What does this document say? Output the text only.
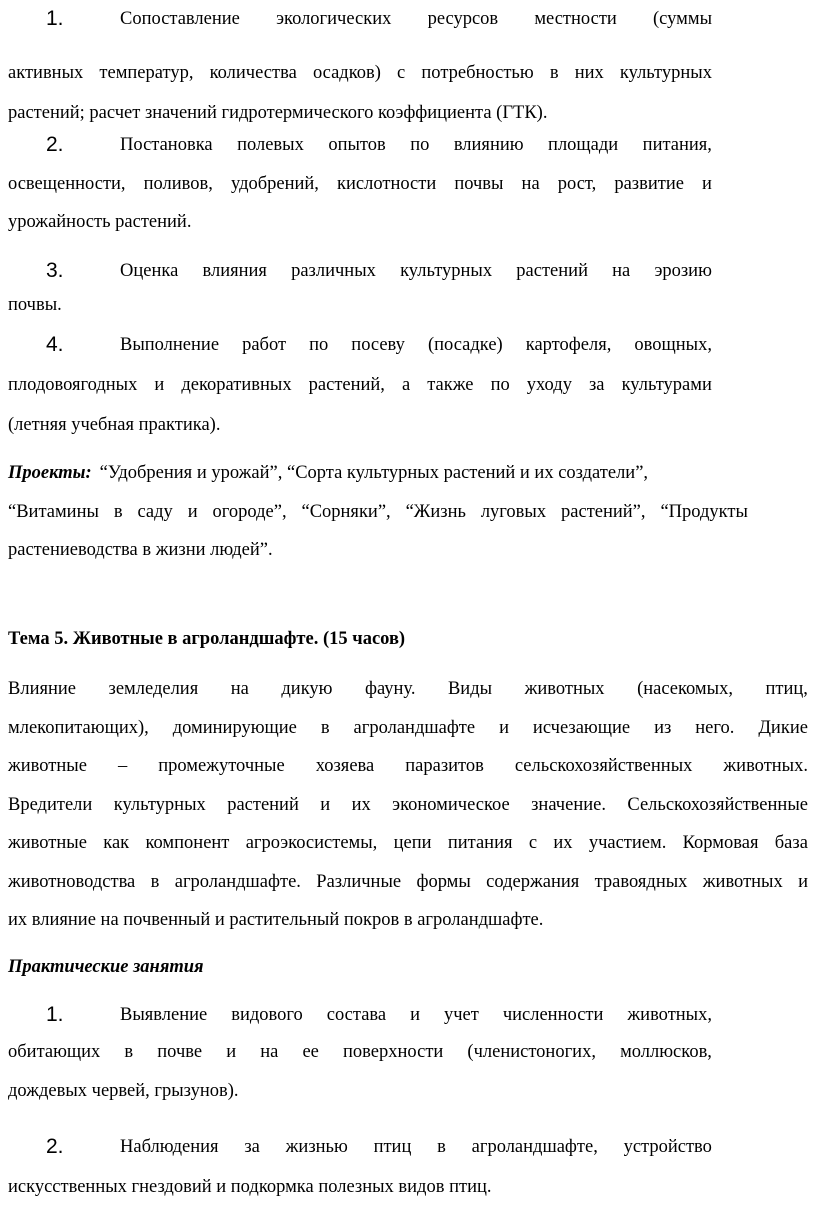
1.	Сопоставление экологических ресурсов местности (суммы
активных температур, количества осадков) с потребностью в них культурных
растений; расчет значений гидротермического коэффициента (ГТК).
2.	Постановка полевых опытов по влиянию площади питания,
освещенности, поливов, удобрений, кислотности почвы на рост, развитие и
урожайность растений.
3.	Оценка влияния различных культурных растений на эрозию
почвы.
4.	Выполнение работ по посеву (посадке) картофеля, овощных,
плодовоягодных и декоративных растений, а также по уходу за культурами
(летняя учебная практика).
Проекты: “Удобрения и урожай”, “Сорта культурных растений и их создатели”,
“Витамины в саду и огороде”, “Сорняки”, “Жизнь луговых растений”, “Продукты
растениеводства в жизни людей”.
Тема 5. Животные в агроландшафте. (15 часов)
Влияние земледелия на дикую фауну. Виды животных (насекомых, птиц,
млекопитающих), доминирующие в агроландшафте и исчезающие из него. Дикие
животные – промежуточные хозяева паразитов сельскохозяйственных животных.
Вредители культурных растений и их экономическое значение. Сельскохозяйственные
животные как компонент агроэкосистемы, цепи питания с их участием. Кормовая база
животноводства в агроландшафте. Различные формы содержания травоядных животных и
их влияние на почвенный и растительный покров в агроландшафте.
Практические занятия
1.	Выявление видового состава и учет численности животных,
обитающих в почве и на ее поверхности (членистоногих, моллюсков,
дождевых червей, грызунов).
2.	Наблюдения за жизнью птиц в агроландшафте, устройство
искусственных гнездовий и подкормка полезных видов птиц.
